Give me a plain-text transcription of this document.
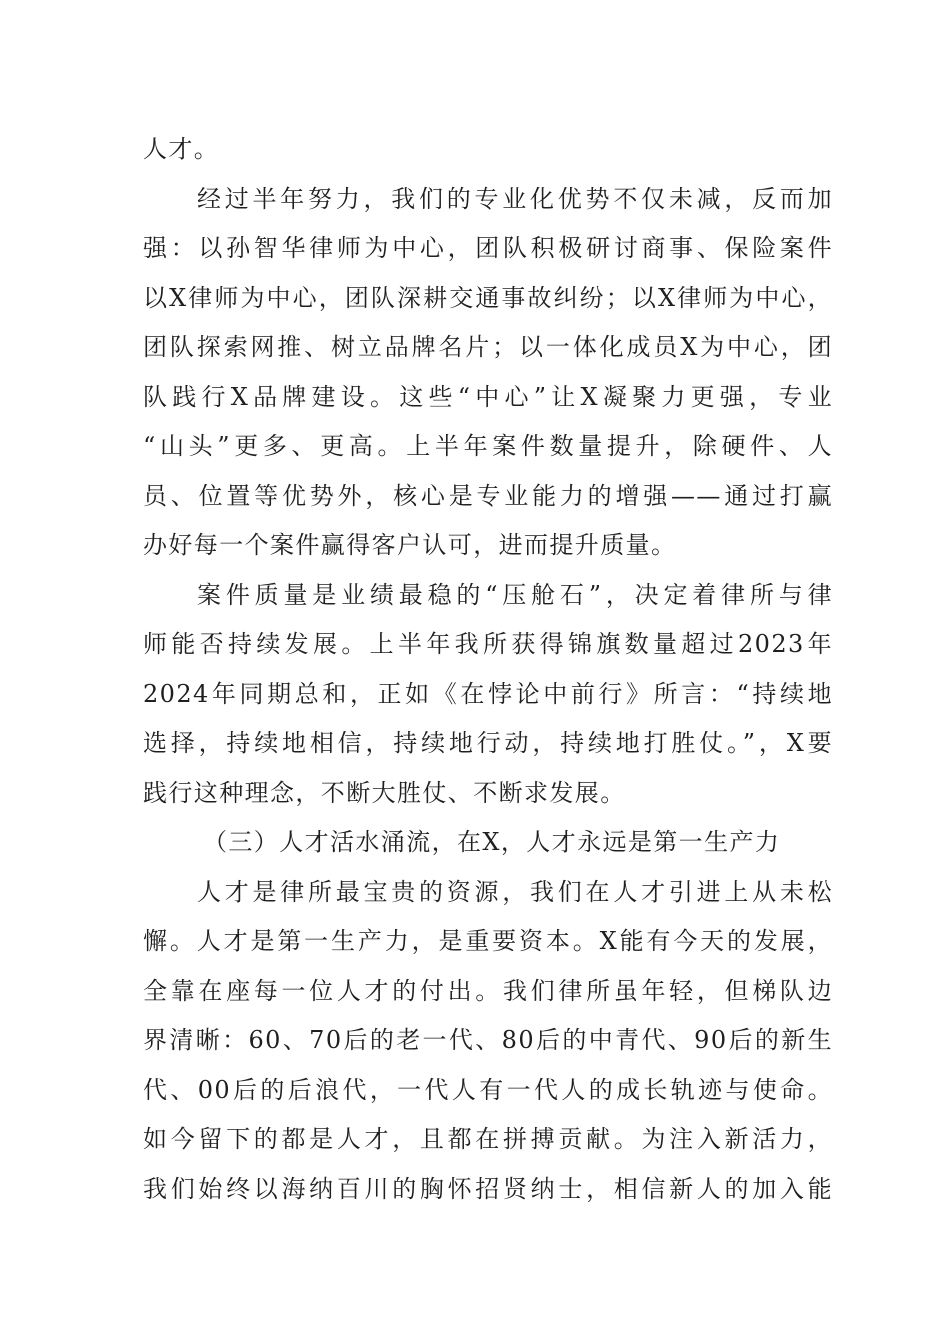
人才。
经过半年努力，我们的专业化优势不仅未减，反而加
强：以孙智华律师为中心，团队积极研讨商事、保险案件
以X律师为中心，团队深耕交通事故纠纷；以X律师为中心，
团队探索网推、树立品牌名片；以一体化成员X为中心，团
队践行X品牌建设。这些“中心”让X凝聚力更强，专业
“山头”更多、更高。上半年案件数量提升，除硬件、人
员、位置等优势外，核心是专业能力的增强——通过打赢
办好每一个案件赢得客户认可，进而提升质量。
案件质量是业绩最稳的“压舱石”，决定着律所与律
师能否持续发展。上半年我所获得锦旗数量超过2023年
2024年同期总和，正如《在悖论中前行》所言：“持续地
选择，持续地相信，持续地行动，持续地打胜仗。”，X要
践行这种理念，不断大胜仗、不断求发展。
（三）人才活水涌流，在X，人才永远是第一生产力
人才是律所最宝贵的资源，我们在人才引进上从未松
懈。人才是第一生产力，是重要资本。X能有今天的发展，
全靠在座每一位人才的付出。我们律所虽年轻，但梯队边
界清晰：60、70后的老一代、80后的中青代、90后的新生
代、00后的后浪代，一代人有一代人的成长轨迹与使命。
如今留下的都是人才，且都在拼搏贡献。为注入新活力，
我们始终以海纳百川的胸怀招贤纳士，相信新人的加入能
